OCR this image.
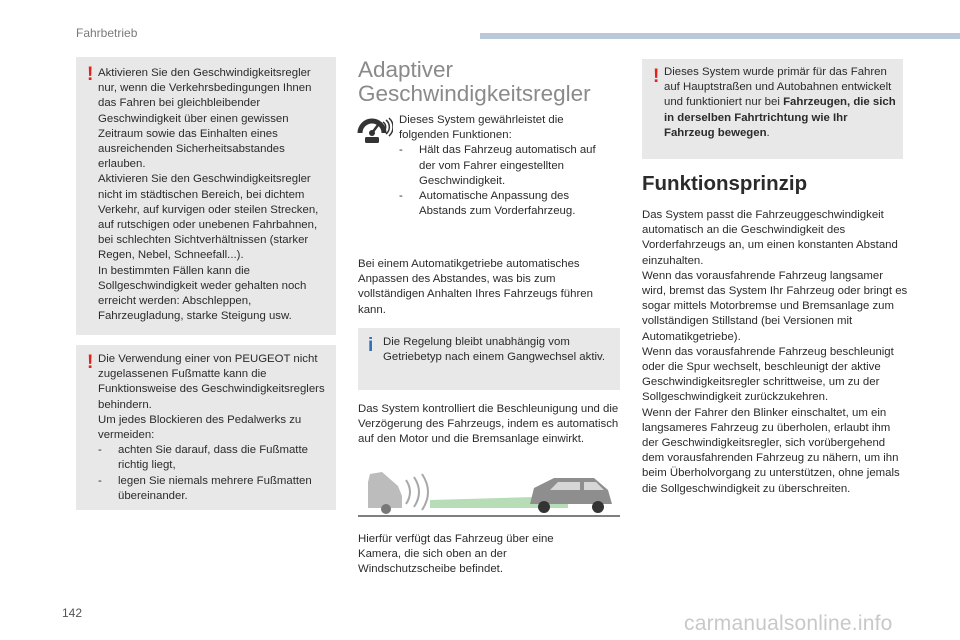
Fahrbetrieb
! Aktivieren Sie den Geschwindigkeitsregler nur, wenn die Verkehrsbedingungen Ihnen das Fahren bei gleichbleibender Geschwindigkeit über einen gewissen Zeitraum sowie das Einhalten eines ausreichenden Sicherheitsabstandes erlauben.
Aktivieren Sie den Geschwindigkeitsregler nicht im städtischen Bereich, bei dichtem Verkehr, auf kurvigen oder steilen Strecken, auf rutschigen oder unebenen Fahrbahnen, bei schlechten Sichtverhältnissen (starker Regen, Nebel, Schneefall...).
In bestimmten Fällen kann die Sollgeschwindigkeit weder gehalten noch erreicht werden: Abschleppen, Fahrzeugladung, starke Steigung usw.
! Die Verwendung einer von PEUGEOT nicht zugelassenen Fußmatte kann die Funktionsweise des Geschwindigkeitsreglers behindern.
Um jedes Blockieren des Pedalwerks zu vermeiden:
-	achten Sie darauf, dass die Fußmatte richtig liegt,
-	legen Sie niemals mehrere Fußmatten übereinander.
Adaptiver Geschwindigkeitsregler
Dieses System gewährleistet die folgenden Funktionen:
-	Hält das Fahrzeug automatisch auf der vom Fahrer eingestellten Geschwindigkeit.
-	Automatische Anpassung des Abstands zum Vorderfahrzeug.
Bei einem Automatikgetriebe automatisches Anpassen des Abstandes, was bis zum vollständigen Anhalten Ihres Fahrzeugs führen kann.
i Die Regelung bleibt unabhängig vom Getriebetyp nach einem Gangwechsel aktiv.
Das System kontrolliert die Beschleunigung und die Verzögerung des Fahrzeugs, indem es automatisch auf den Motor und die Bremsanlage einwirkt.
Hierfür verfügt das Fahrzeug über eine Kamera, die sich oben an der Windschutzscheibe befindet.
! Dieses System wurde primär für das Fahren auf Hauptstraßen und Autobahnen entwickelt und funktioniert nur bei Fahrzeugen, die sich in derselben Fahrtrichtung wie Ihr Fahrzeug bewegen.
Funktionsprinzip
Das System passt die Fahrzeuggeschwindigkeit automatisch an die Geschwindigkeit des Vorderfahrzeugs an, um einen konstanten Abstand einzuhalten.
Wenn das vorausfahrende Fahrzeug langsamer wird, bremst das System Ihr Fahrzeug oder bringt es sogar mittels Motorbremse und Bremsanlage zum vollständigen Stillstand (bei Versionen mit Automatikgetriebe).
Wenn das vorausfahrende Fahrzeug beschleunigt oder die Spur wechselt, beschleunigt der aktive Geschwindigkeitsregler schrittweise, um zu der Sollgeschwindigkeit zurückzukehren.
Wenn der Fahrer den Blinker einschaltet, um ein langsameres Fahrzeug zu überholen, erlaubt ihm der Geschwindigkeitsregler, sich vorübergehend dem vorausfahrenden Fahrzeug zu nähern, um ihn beim Überholvorgang zu unterstützen, ohne jemals die Sollgeschwindigkeit zu überschreiten.
142	carmanualsonline.info
